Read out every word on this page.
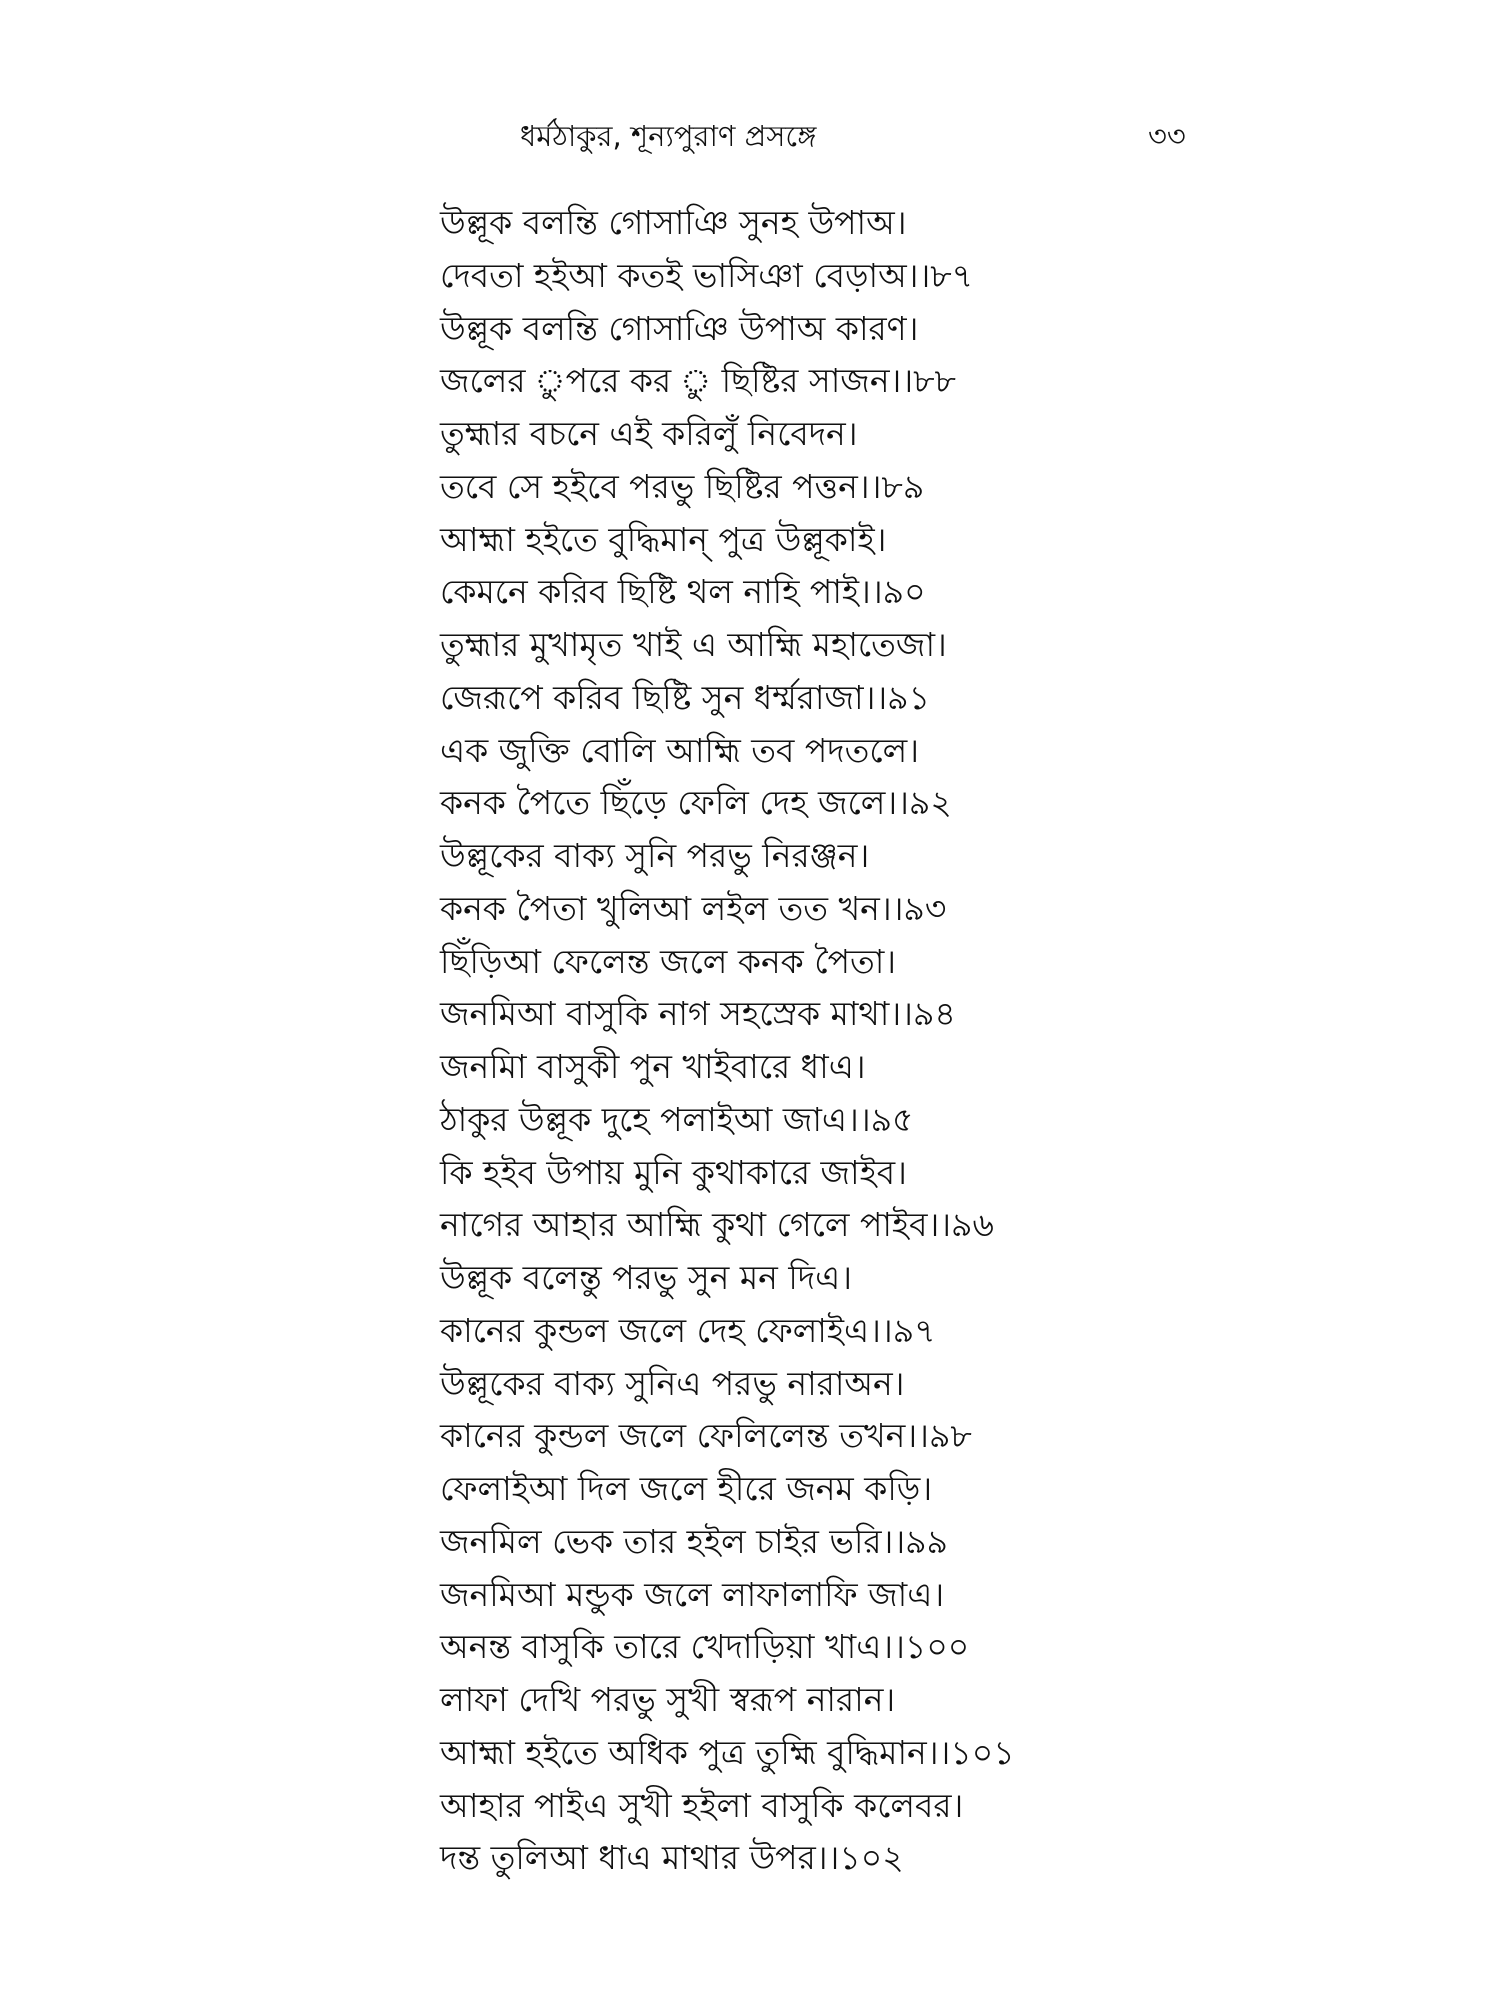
ধর্মঠাকুর, শূন্যপুরাণ প্রসঙ্গে	৩৩
উল্লূক বলন্তি গোসাঞি সুনহ উপাঅ।
দেবতা হইআ কতই ভাসিঞা বেড়াঅ।।৮৭
উল্লূক বলন্তি গোসাঞি উপাঅ কারণ।
জলের ুপরে কর ু ছিষ্টির সাজন।।৮৮
তুহ্মার বচনে এই করিলুঁ নিবেদন।
তবে সে হইবে পরভু ছিষ্টির পত্তন।।৮৯
আহ্মা হইতে বুদ্ধিমান্ পুত্র উল্লূকাই।
কেমনে করিব ছিষ্টি থল নাহি পাই।।৯০
তুহ্মার মুখামৃত খাই এ আহ্মি মহাতেজা।
জেরূপে করিব ছিষ্টি সুন ধর্ম্মরাজা।।৯১
এক জুক্তি বোলি আহ্মি তব পদতলে।
কনক পৈতে ছিঁড়ে ফেলি দেহ জলে।।৯২
উল্লূকের বাক্য সুনি পরভু নিরঞ্জন।
কনক পৈতা খুলিআ লইল তত খন।।৯৩
ছিঁড়িআ ফেলেন্ত জলে কনক পৈতা।
জনমিআ বাসুকি নাগ সহস্রেক মাথা।।৯৪
জনমিা বাসুকী পুন খাইবারে ধাএ।
ঠাকুর উল্লূক দুহে পলাইআ জাএ।।৯৫
কি হইব উপায় মুনি কুথাকারে জাইব।
নাগের আহার আহ্মি কুথা গেলে পাইব।।৯৬
উল্লূক বলেন্তু পরভু সুন মন দিএ।
কানের কুন্ডল জলে দেহ ফেলাইএ।।৯৭
উল্লূকের বাক্য সুনিএ পরভু নারাঅন।
কানের কুন্ডল জলে ফেলিলেন্ত তখন।।৯৮
ফেলাইআ দিল জলে হীরে জনম কড়ি।
জনমিল ভেক তার হইল চাইর ভরি।।৯৯
জনমিআ মন্ডুক জলে লাফালাফি জাএ।
অনন্ত বাসুকি তারে খেদাড়িয়া খাএ।।১০০
লাফা দেখি পরভু সুখী স্বরূপ নারান।
আহ্মা হইতে অধিক পুত্র তুহ্মি বুদ্ধিমান।।১০১
আহার পাইএ সুখী হইলা বাসুকি কলেবর।
দন্ত তুলিআ ধাএ মাথার উপর।।১০২
